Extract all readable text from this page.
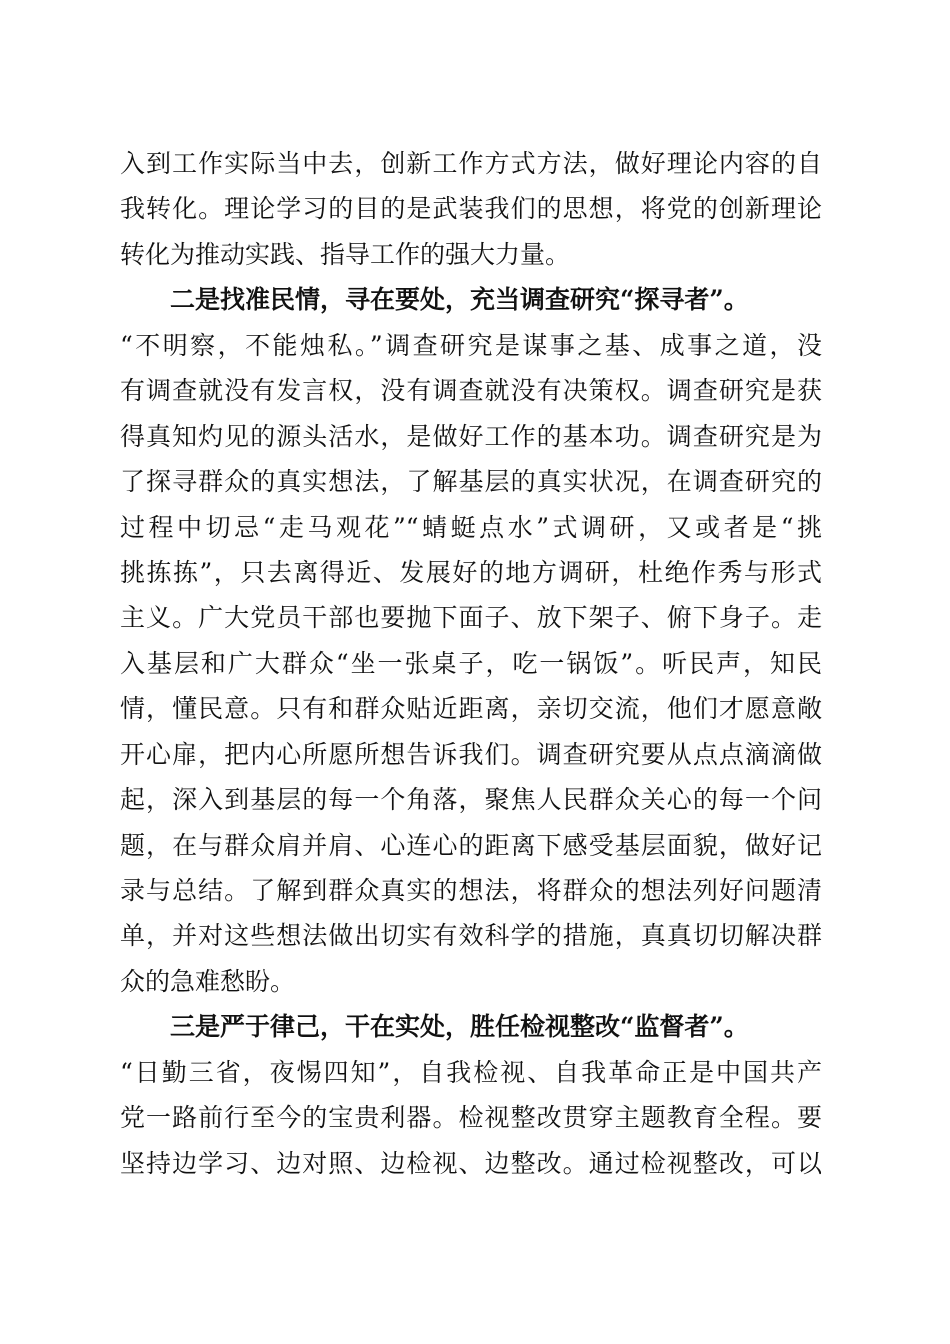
入到工作实际当中去，创新工作方式方法，做好理论内容的自
我转化。理论学习的目的是武装我们的思想，将党的创新理论
转化为推动实践、指导工作的强大力量。
二是找准民情，寻在要处，充当调查研究“探寻者”。
“不明察，不能烛私。”调查研究是谋事之基、成事之道，没
有调查就没有发言权，没有调查就没有决策权。调查研究是获
得真知灼见的源头活水，是做好工作的基本功。调查研究是为
了探寻群众的真实想法，了解基层的真实状况，在调查研究的
过程中切忌“走马观花”“蜻蜓点水”式调研，又或者是“挑
挑拣拣”，只去离得近、发展好的地方调研，杜绝作秀与形式
主义。广大党员干部也要抛下面子、放下架子、俯下身子。走
入基层和广大群众“坐一张桌子，吃一锅饭”。听民声，知民
情，懂民意。只有和群众贴近距离，亲切交流，他们才愿意敞
开心扉，把内心所愿所想告诉我们。调查研究要从点点滴滴做
起，深入到基层的每一个角落，聚焦人民群众关心的每一个问
题，在与群众肩并肩、心连心的距离下感受基层面貌，做好记
录与总结。了解到群众真实的想法，将群众的想法列好问题清
单，并对这些想法做出切实有效科学的措施，真真切切解决群
众的急难愁盼。
三是严于律己，干在实处，胜任检视整改“监督者”。
“日勤三省，夜惕四知”，自我检视、自我革命正是中国共产
党一路前行至今的宝贵利器。检视整改贯穿主题教育全程。要
坚持边学习、边对照、边检视、边整改。通过检视整改，可以
